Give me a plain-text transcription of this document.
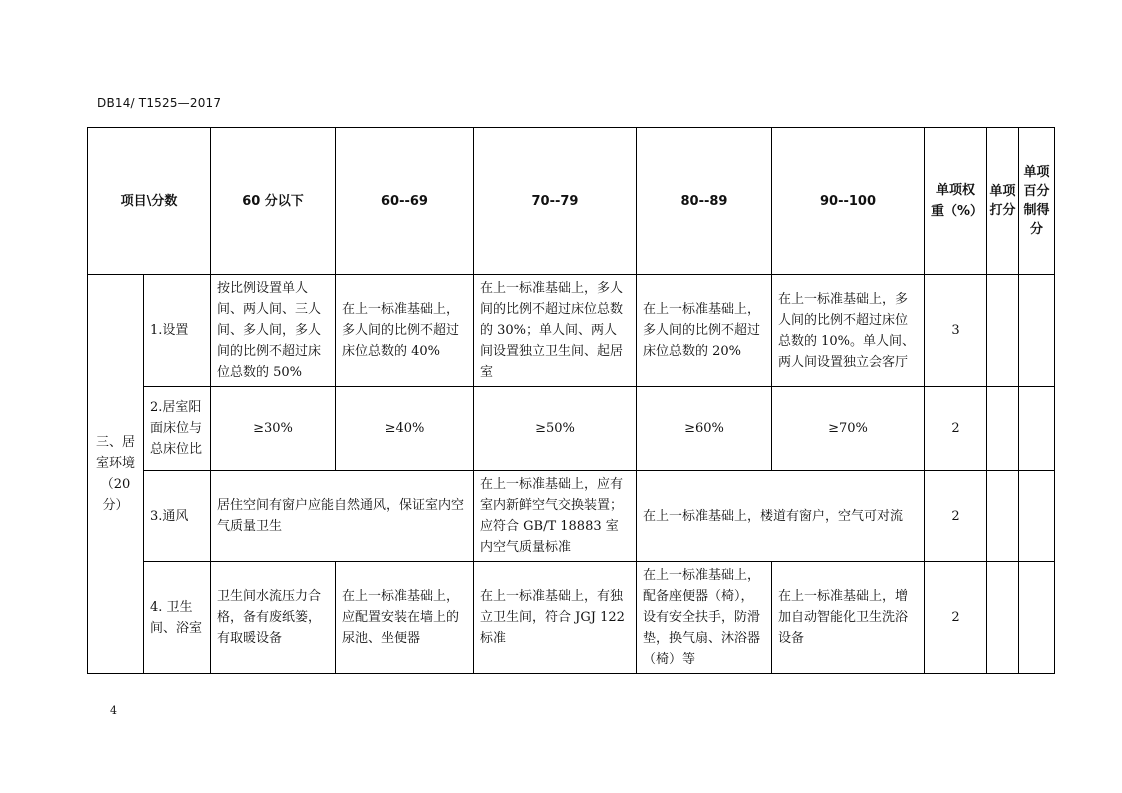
DB14/ T1525—2017
项目\分数		60 分以下	60--69	70--79	80--89	90--100	单项权重（%）	单项打分	单项百分制得分
三、居室环境（20 分）	1.设置	按比例设置单人间、两人间、三人间、多人间，多人间的比例不超过床位总数的 50%	在上一标准基础上，多人间的比例不超过床位总数的 40%	在上一标准基础上，多人间的比例不超过床位总数的 30%；单人间、两人间设置独立卫生间、起居室	在上一标准基础上，多人间的比例不超过床位总数的 20%	在上一标准基础上，多人间的比例不超过床位总数的 10%。单人间、两人间设置独立会客厅	3		
	2.居室阳面床位与总床位比	≥30%	≥40%	≥50%	≥60%	≥70%	2		
	3.通风	居住空间有窗户应能自然通风，保证室内空气质量卫生		在上一标准基础上，应有室内新鲜空气交换装置；应符合 GB/T 18883 室内空气质量标准	在上一标准基础上，楼道有窗户，空气可对流		2		
	4. 卫生间、浴室	卫生间水流压力合格，备有废纸篓，有取暖设备	在上一标准基础上，应配置安装在墙上的尿池、坐便器	在上一标准基础上，有独立卫生间，符合 JGJ 122 标准	在上一标准基础上，配备座便器（椅），设有安全扶手，防滑垫，换气扇、沐浴器（椅）等	在上一标准基础上，增加自动智能化卫生洗浴设备	2		
4
